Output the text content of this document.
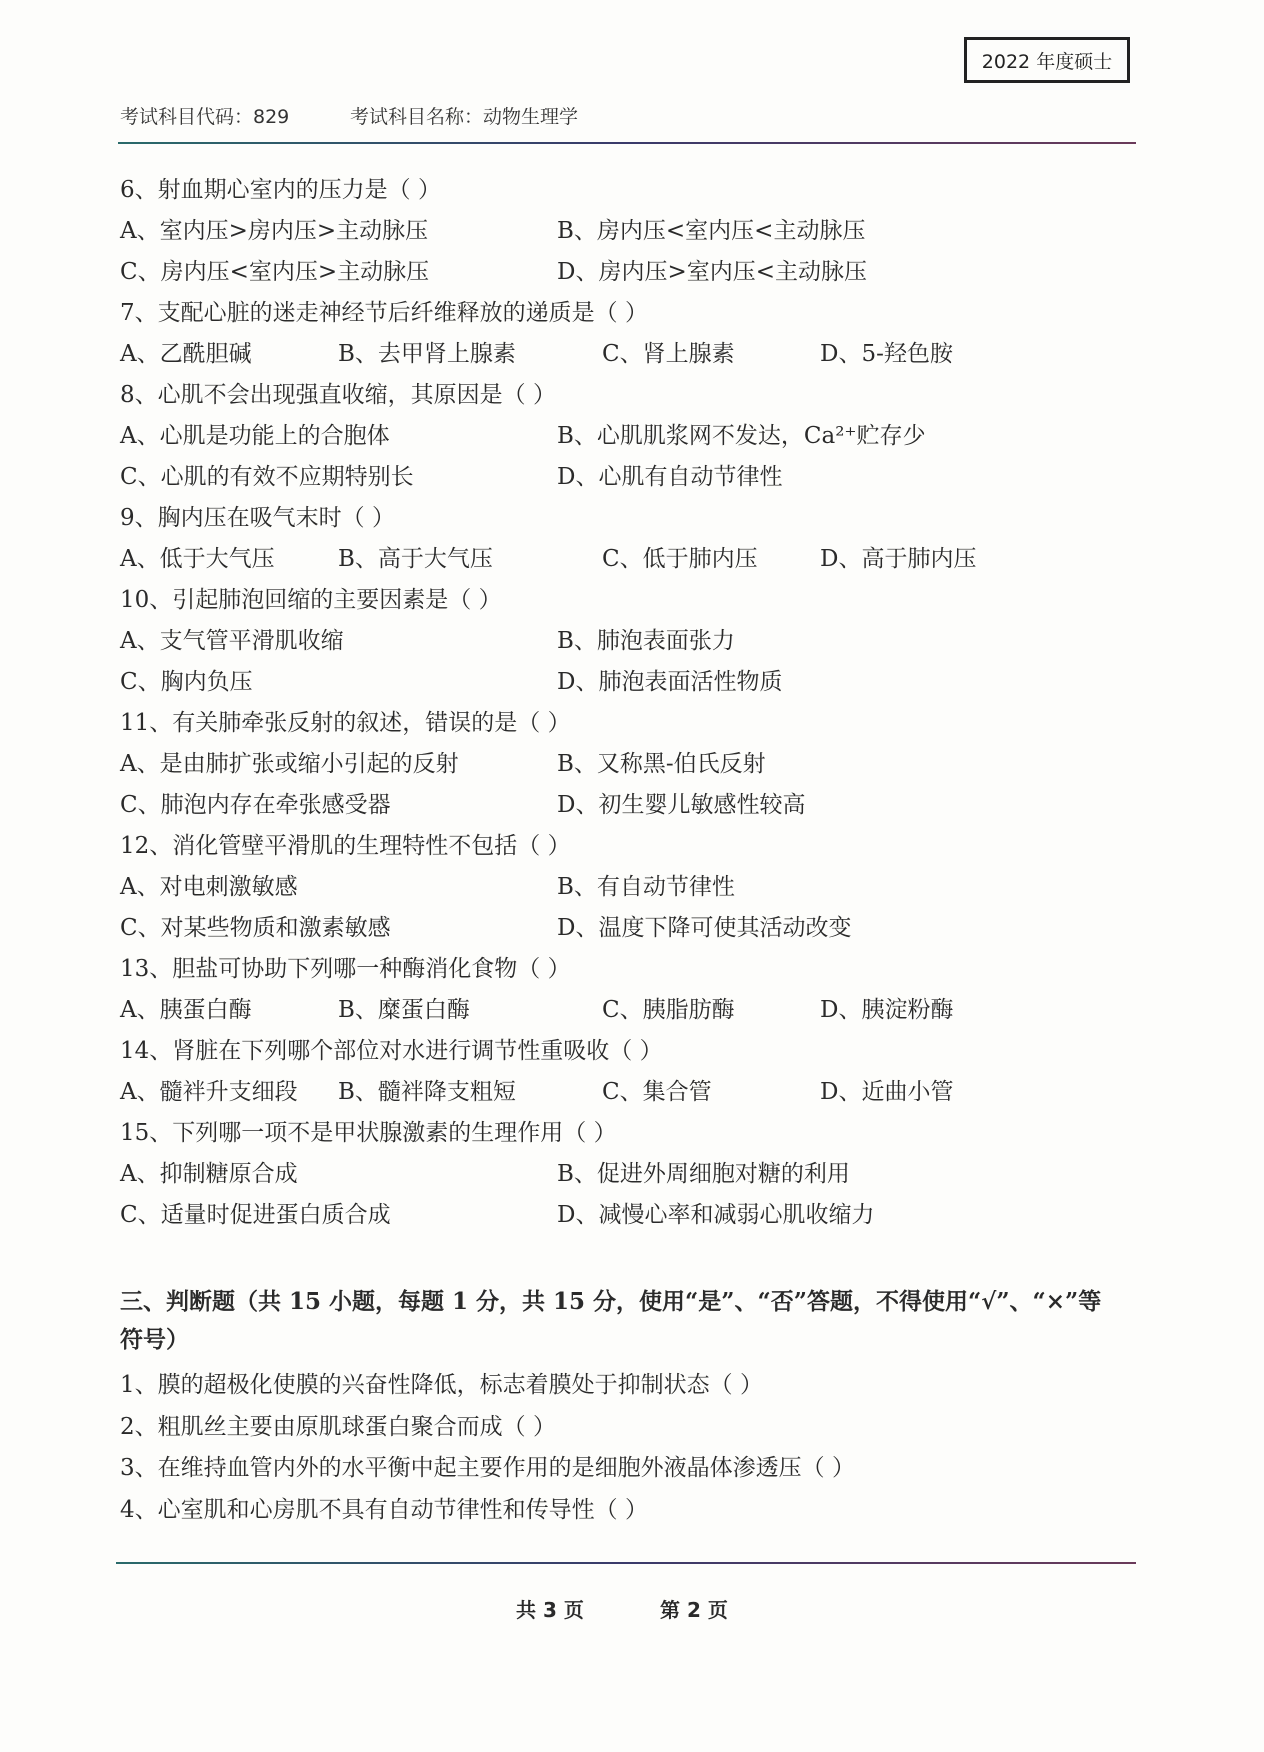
2022 年度硕士
考试科目代码：829	考试科目名称：动物生理学
6、射血期心室内的压力是（ ）
A、室内压>房内压>主动脉压	B、房内压<室内压<主动脉压
C、房内压<室内压>主动脉压	D、房内压>室内压<主动脉压
7、支配心脏的迷走神经节后纤维释放的递质是（ ）
A、乙酰胆碱	B、去甲肾上腺素	C、肾上腺素	D、5-羟色胺
8、心肌不会出现强直收缩，其原因是（ ）
A、心肌是功能上的合胞体	B、心肌肌浆网不发达，Ca²⁺贮存少
C、心肌的有效不应期特别长	D、心肌有自动节律性
9、胸内压在吸气末时（ ）
A、低于大气压	B、高于大气压	C、低于肺内压	D、高于肺内压
10、引起肺泡回缩的主要因素是（ ）
A、支气管平滑肌收缩	B、肺泡表面张力
C、胸内负压	D、肺泡表面活性物质
11、有关肺牵张反射的叙述，错误的是（ ）
A、是由肺扩张或缩小引起的反射	B、又称黑-伯氏反射
C、肺泡内存在牵张感受器	D、初生婴儿敏感性较高
12、消化管壁平滑肌的生理特性不包括（ ）
A、对电刺激敏感	B、有自动节律性
C、对某些物质和激素敏感	D、温度下降可使其活动改变
13、胆盐可协助下列哪一种酶消化食物（ ）
A、胰蛋白酶	B、糜蛋白酶	C、胰脂肪酶	D、胰淀粉酶
14、肾脏在下列哪个部位对水进行调节性重吸收（ ）
A、髓袢升支细段 B、髓袢降支粗短	C、集合管	D、近曲小管
15、下列哪一项不是甲状腺激素的生理作用（ ）
A、抑制糖原合成	B、促进外周细胞对糖的利用
C、适量时促进蛋白质合成	D、减慢心率和减弱心肌收缩力
三、判断题（共 15 小题，每题 1 分，共 15 分，使用“是”、“否”答题，不得使用“√”、“×”等
符号）
1、膜的超极化使膜的兴奋性降低，标志着膜处于抑制状态（ ）
2、粗肌丝主要由原肌球蛋白聚合而成（ ）
3、在维持血管内外的水平衡中起主要作用的是细胞外液晶体渗透压（ ）
4、心室肌和心房肌不具有自动节律性和传导性（ ）
共 3 页	第 2 页
